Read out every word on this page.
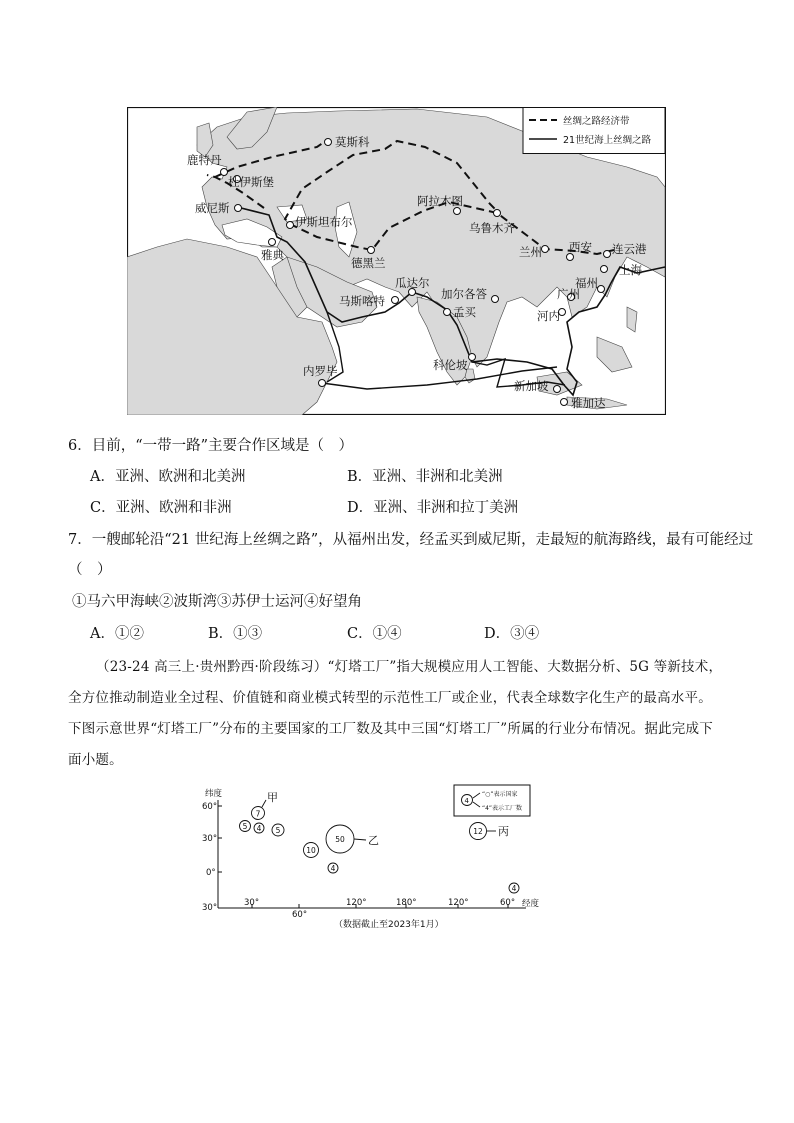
丝绸之路经济带
21世纪海上丝绸之路
莫斯科
鹿特丹
杜伊斯堡
威尼斯
伊斯坦布尔
雅典
德黑兰
阿拉木图
乌鲁木齐
兰州 西安 连云港
上海
福州
广州
河内
加尔各答
瓜达尔
马斯喀特
孟买
科伦坡
内罗毕
新加坡
雅加达
6．目前，“一带一路”主要合作区域是（　）
A．亚洲、欧洲和北美洲	B．亚洲、非洲和北美洲
C．亚洲、欧洲和非洲	D．亚洲、非洲和拉丁美洲
7．一艘邮轮沿“21 世纪海上丝绸之路”，从福州出发，经孟买到威尼斯，走最短的航海路线，最有可能经过
（　）
①马六甲海峡②波斯湾③苏伊士运河④好望角
A．①②	B．①③	C．①④	D．③④
（23-24 高三上·贵州黔西·阶段练习）“灯塔工厂”指大规模应用人工智能、大数据分析、5G 等新技术，
全方位推动制造业全过程、价值链和商业模式转型的示范性工厂或企业，代表全球数字化生产的最高水平。
下图示意世界“灯塔工厂”分布的主要国家的工厂数及其中三国“灯塔工厂”所属的行业分布情况。据此完成下
面小题。
纬度
60°
30°
0°
30°	30°
60°
120°	180°	120°	60° 经度
4
“○”表示国家
“4”表示工厂数
7
5 4 5
10
50
4
12
4
甲
乙
丙
（数据截止至2023年1月）
